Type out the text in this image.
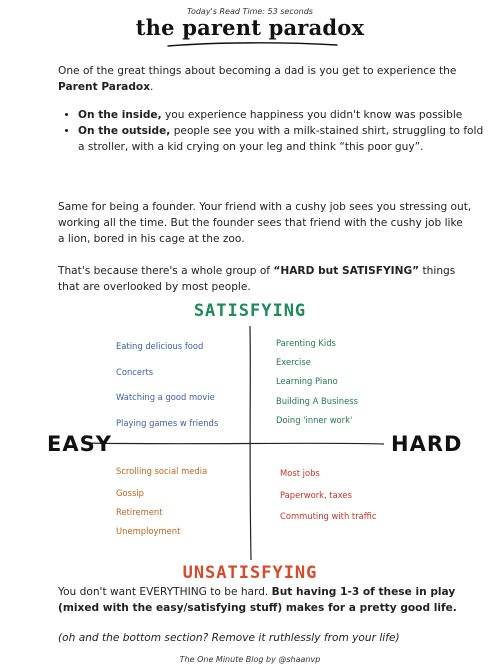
Today's Read Time: 53 seconds
the parent paradox
One of the great things about becoming a dad is you get to experience the Parent Paradox.
• On the inside, you experience happiness you didn't know was possible
• On the outside, people see you with a milk-stained shirt, struggling to fold a stroller, with a kid crying on your leg and think “this poor guy”.
Same for being a founder. Your friend with a cushy job sees you stressing out, working all the time. But the founder sees that friend with the cushy job like a lion, bored in his cage at the zoo.
That's because there's a whole group of “HARD but SATISFYING” things that are overlooked by most people.
SATISFYING
EASY	HARD
Eating delicious food
Concerts
Watching a good movie
Playing games w friends
Parenting Kids
Exercise
Learning Piano
Building A Business
Doing 'inner work'
Scrolling social media
Gossip
Retirement
Unemployment
Most jobs
Paperwork, taxes
Commuting with traffic
UNSATISFYING
You don't want EVERYTHING to be hard. But having 1-3 of these in play (mixed with the easy/satisfying stuff) makes for a pretty good life.
(oh and the bottom section? Remove it ruthlessly from your life)
The One Minute Blog by @shaanvp
